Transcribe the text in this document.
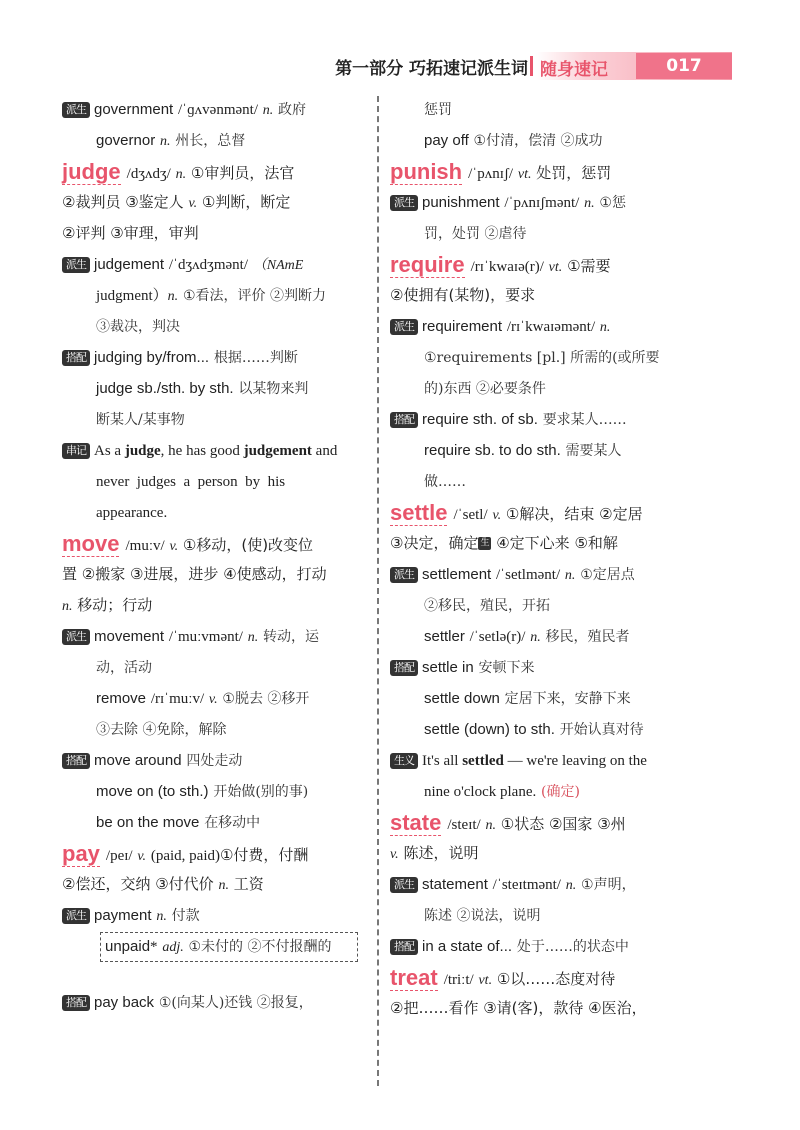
第一部分 巧拓速记派生词 随身速记	017
派生 government /ˈɡʌvənmənt/ n. 政府
governor n. 州长，总督
judge /dʒʌdʒ/ n. ①审判员，法官
②裁判员 ③鉴定人 v. ①判断，断定
②评判 ③审理，审判
派生 judgement /ˈdʒʌdʒmənt/ （NAmE
judgment）n. ①看法，评价 ②判断力
③裁决，判决
搭配 judging by/from... 根据……判断
judge sb./sth. by sth. 以某物来判
断某人/某事物
串记 As a judge, he has good judgement and
never  judges  a  person  by  his
appearance.
move /muːv/ v. ①移动，(使)改变位
置 ②搬家 ③进展，进步 ④使感动，打动
n. 移动；行动
派生 movement /ˈmuːvmənt/ n. 转动，运
动，活动
remove /rɪˈmuːv/ v. ①脱去 ②移开
③去除 ④免除，解除
搭配 move around 四处走动
move on (to sth.) 开始做(别的事)
be on the move 在移动中
pay /peɪ/ v. (paid, paid)①付费，付酬
②偿还，交纳 ③付代价 n. 工资
派生 payment n. 付款
unpaid* adj. ①未付的 ②不付报酬的
搭配 pay back ①(向某人)还钱 ②报复，
惩罚
pay off ①付清，偿清 ②成功
punish /ˈpʌnɪʃ/ vt. 处罚，惩罚
派生 punishment /ˈpʌnɪʃmənt/ n. ①惩
罚，处罚 ②虐待
require /rɪˈkwaɪə(r)/ vt. ①需要
②使拥有(某物)，要求
派生 requirement /rɪˈkwaɪəmənt/ n.
①requirements [pl.] 所需的(或所要
的)东西 ②必要条件
搭配 require sth. of sb. 要求某人……
require sb. to do sth. 需要某人
做……
settle /ˈsetl/ v. ①解决，结束 ②定居
③决定，确定 生 ④定下心来 ⑤和解
派生 settlement /ˈsetlmənt/ n. ①定居点
②移民，殖民，开拓
settler /ˈsetlə(r)/ n. 移民，殖民者
搭配 settle in 安顿下来
settle down 定居下来，安静下来
settle (down) to sth. 开始认真对待
生义 It's all settled — we're leaving on the
nine o'clock plane. (确定)
state /steɪt/ n. ①状态 ②国家 ③州
v. 陈述，说明
派生 statement /ˈsteɪtmənt/ n. ①声明，
陈述 ②说法，说明
搭配 in a state of... 处于……的状态中
treat /triːt/ vt. ①以……态度对待
②把……看作 ③请(客)，款待 ④医治，
